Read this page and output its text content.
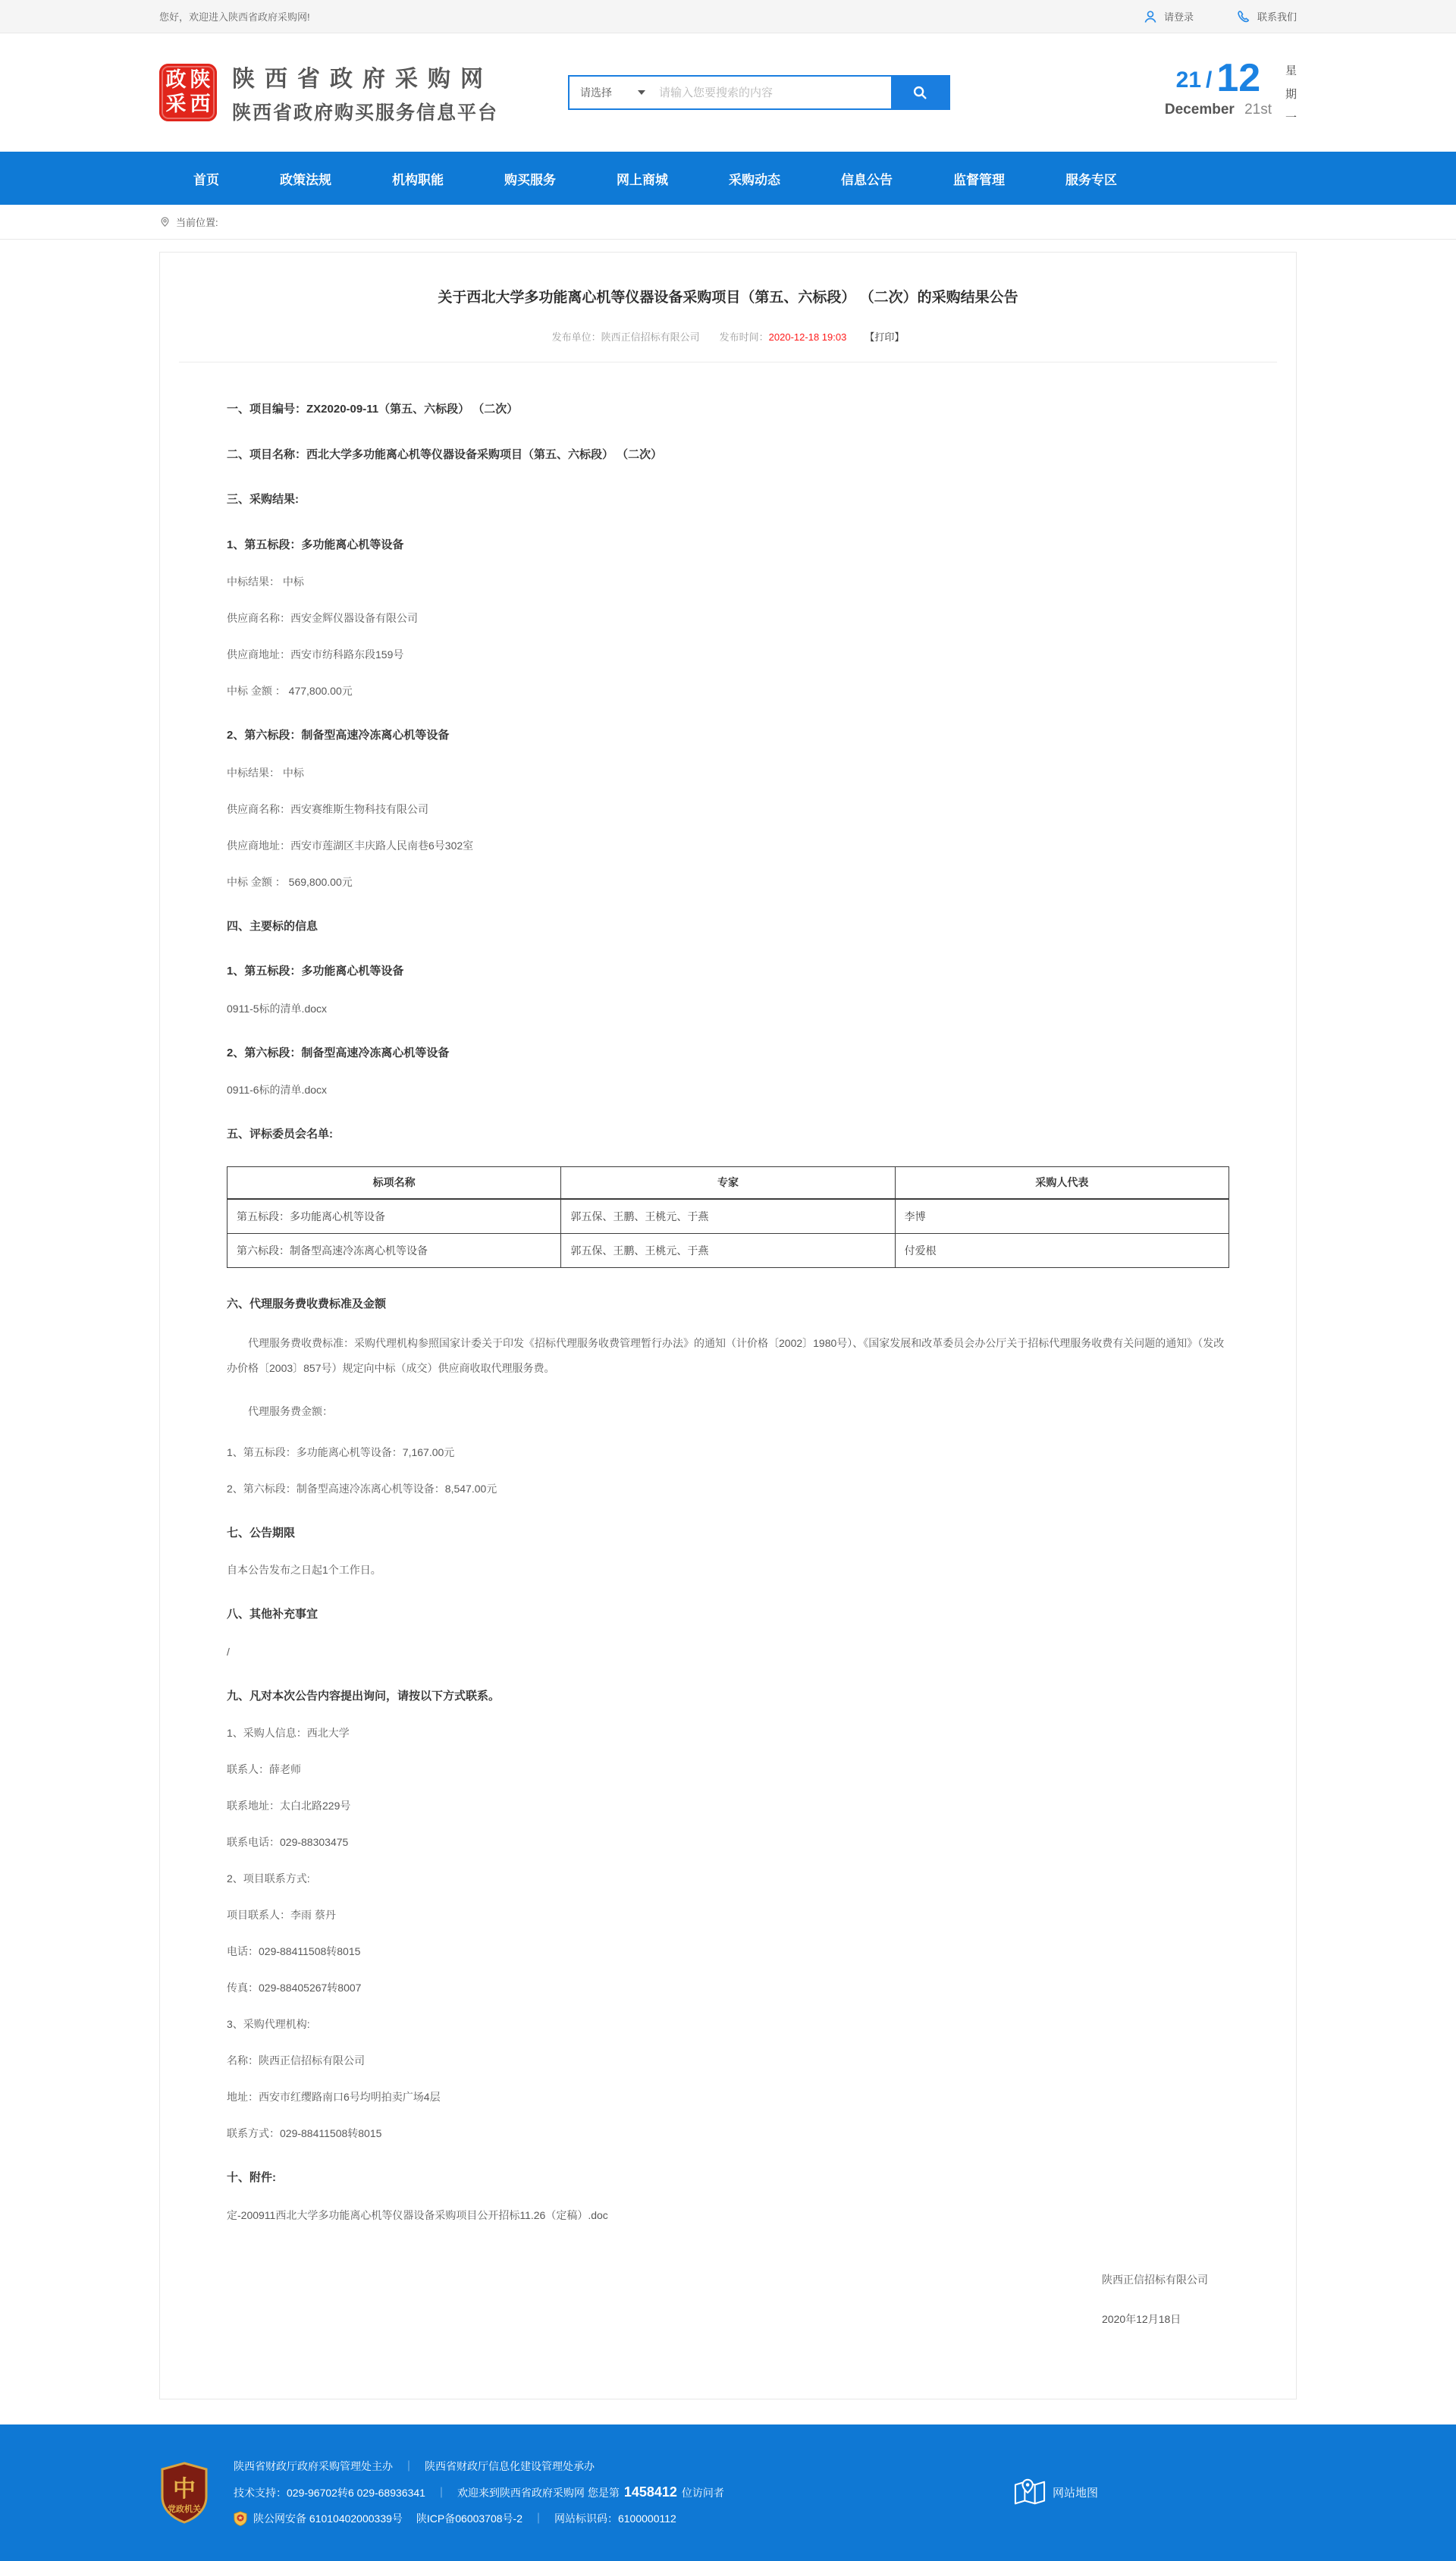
您好，欢迎进入陕西省政府采购网!	请登录	联系我们
政 陕
采 西
陕西省政府采购网
陕西省政府购买服务信息平台
请选择
请输入您要搜索的内容	21 / 12
December 21st
星
期
一
首页	政策法规	机构职能	购买服务	网上商城	采购动态	信息公告	监督管理	服务专区
当前位置:
关于西北大学多功能离心机等仪器设备采购项目（第五、六标段） （二次）的采购结果公告
发布单位：陕西正信招标有限公司 发布时间：2020-12-18 19:03 【打印】

一、项目编号：ZX2020-09-11（第五、六标段） （二次）

二、项目名称：西北大学多功能离心机等仪器设备采购项目（第五、六标段） （二次）

三、采购结果:

1、第五标段：多功能离心机等设备

中标结果： 中标

供应商名称：西安金辉仪器设备有限公司

供应商地址：西安市纺科路东段159号

中标 金额 ： 477,800.00元

2、第六标段：制备型高速冷冻离心机等设备

中标结果： 中标

供应商名称：西安赛维斯生物科技有限公司

供应商地址：西安市莲湖区丰庆路人民南巷6号302室

中标 金额 ： 569,800.00元

四、主要标的信息

1、第五标段：多功能离心机等设备

0911-5标的清单.docx

2、第六标段：制备型高速冷冻离心机等设备

0911-6标的清单.docx

五、评标委员会名单:

标项名称	专家	采购人代表
第五标段：多功能离心机等设备	郭五保、王鹏、王桃元、于燕	李博
第六标段：制备型高速冷冻离心机等设备	郭五保、王鹏、王桃元、于燕	付爱根

六、代理服务费收费标准及金额

代理服务费收费标准：采购代理机构参照国家计委关于印发《招标代理服务收费管理暂行办法》的通知（计价格〔2002〕1980号）、《国家发展和改革委员会办公厅关于招标代理服务收费有关问题的通知》（发改办价格〔2003〕857号）规定向中标（成交）供应商收取代理服务费。

代理服务费金额：

1、第五标段：多功能离心机等设备：7,167.00元

2、第六标段：制备型高速冷冻离心机等设备：8,547.00元

七、公告期限

自本公告发布之日起1个工作日。

八、其他补充事宜

/

九、凡对本次公告内容提出询问，请按以下方式联系。

1、采购人信息：西北大学

联系人：薛老师

联系地址：太白北路229号

联系电话：029-88303475

2、项目联系方式:

项目联系人：李雨 蔡丹

电话：029-88411508转8015

传真：029-88405267转8007

3、采购代理机构:

名称：陕西正信招标有限公司

地址：西安市红缨路南口6号均明拍卖广场4层

联系方式：029-88411508转8015

十、附件:

定-200911西北大学多功能离心机等仪器设备采购项目公开招标11.26（定稿）.doc

陕西正信招标有限公司
2020年12月18日
中
党政机关
陕西省财政厅政府采购管理处主办	｜	陕西省财政厅信息化建设管理处承办
技术支持：029-96702转6 029-68936341	｜	欢迎来到陕西省政府采购网 您是第 1458412 位访问者
陕公网安备 61010402000339号 陕ICP备06003708号-2	｜	网站标识码：6100000112
网站地图
